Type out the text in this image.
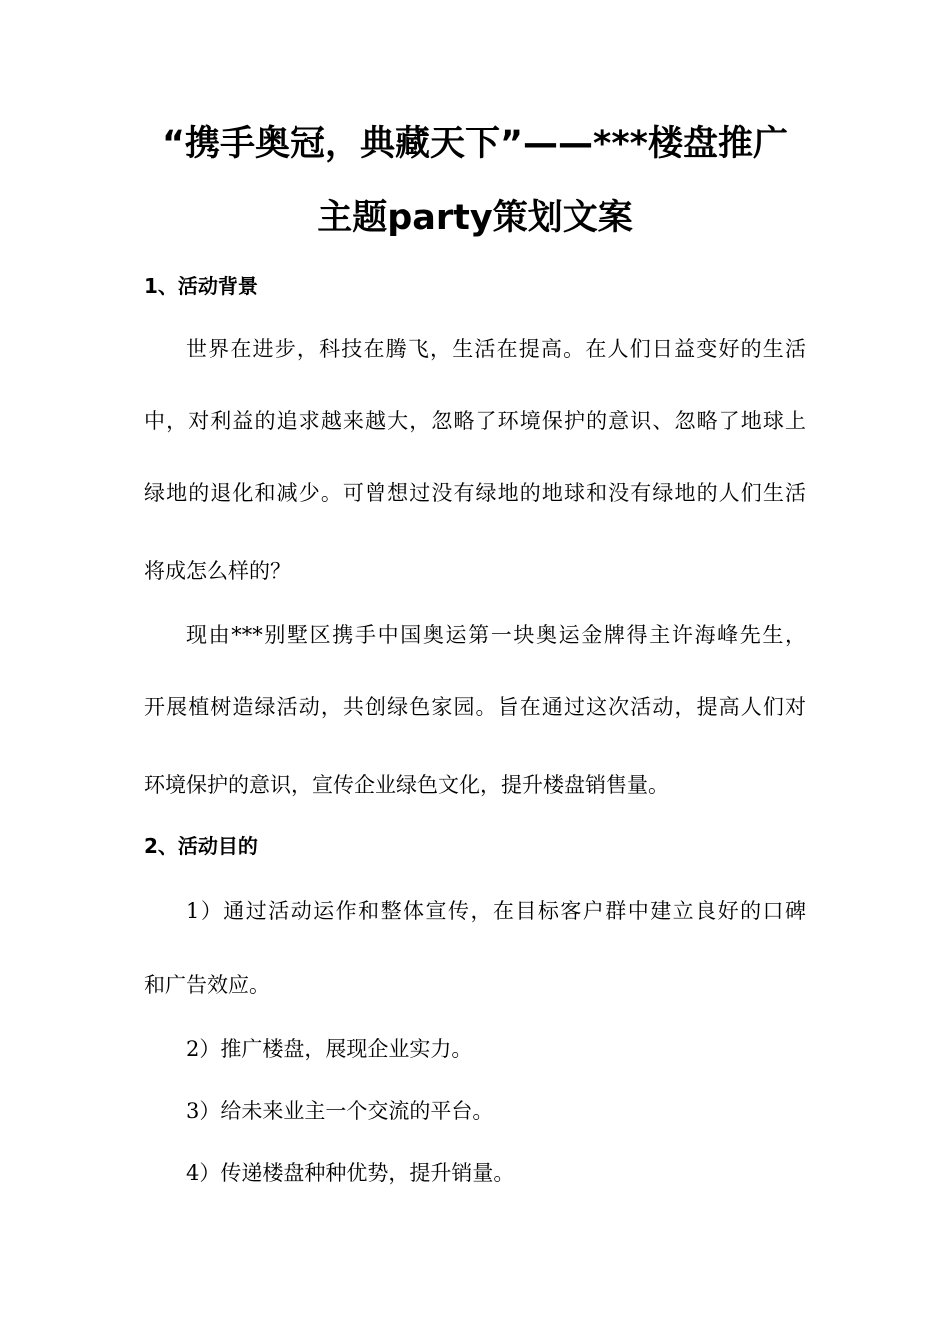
“携手奥冠，典藏天下”——***楼盘推广
主题party策划文案
1、活动背景
世界在进步，科技在腾飞，生活在提高。在人们日益变好的生活
中，对利益的追求越来越大，忽略了环境保护的意识、忽略了地球上
绿地的退化和减少。可曾想过没有绿地的地球和没有绿地的人们生活
将成怎么样的？
现由***别墅区携手中国奥运第一块奥运金牌得主许海峰先生，
开展植树造绿活动，共创绿色家园。旨在通过这次活动，提高人们对
环境保护的意识，宣传企业绿色文化，提升楼盘销售量。
2、活动目的
1）通过活动运作和整体宣传，在目标客户群中建立良好的口碑
和广告效应。
2）推广楼盘，展现企业实力。
3）给未来业主一个交流的平台。
4）传递楼盘种种优势，提升销量。
